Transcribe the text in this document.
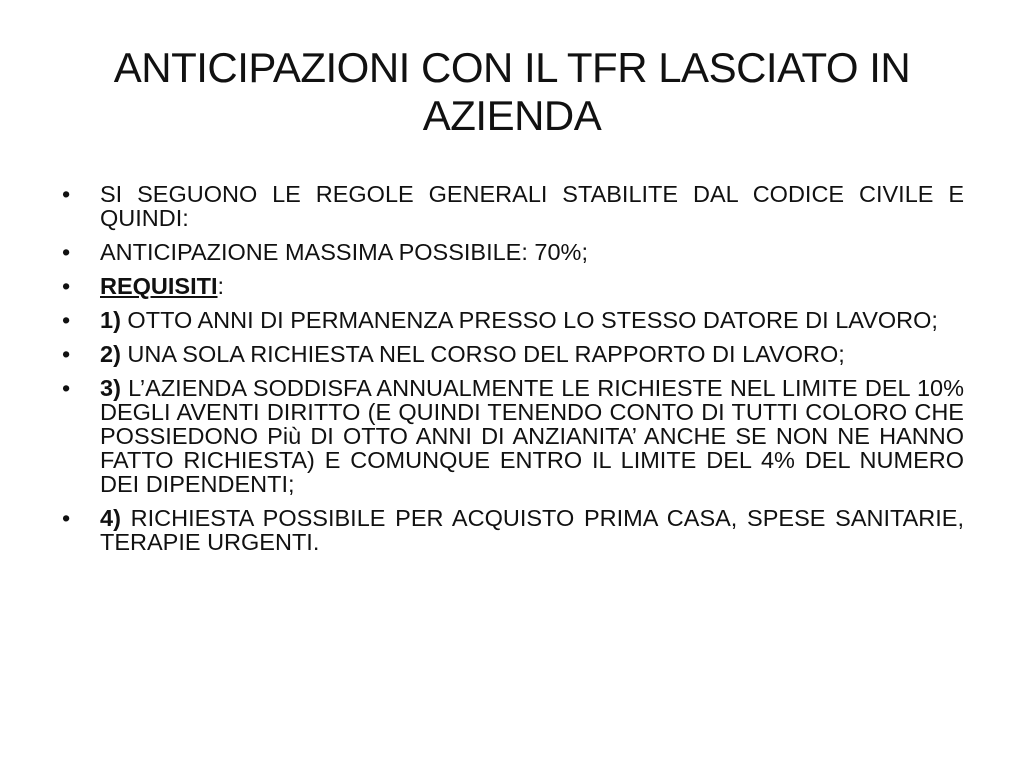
ANTICIPAZIONI CON IL TFR LASCIATO IN AZIENDA
•	SI SEGUONO LE REGOLE GENERALI STABILITE DAL CODICE CIVILE E QUINDI:
•	ANTICIPAZIONE MASSIMA POSSIBILE: 70%;
•	REQUISITI:
•	1) OTTO ANNI DI PERMANENZA PRESSO LO STESSO DATORE DI LAVORO;
•	2) UNA SOLA RICHIESTA NEL CORSO DEL RAPPORTO DI LAVORO;
•	3) L’AZIENDA SODDISFA ANNUALMENTE LE RICHIESTE NEL LIMITE DEL 10% DEGLI AVENTI DIRITTO (E QUINDI TENENDO CONTO DI TUTTI COLORO CHE POSSIEDONO Più DI OTTO ANNI DI ANZIANITA’ ANCHE SE NON NE HANNO FATTO RICHIESTA) E COMUNQUE ENTRO IL LIMITE DEL 4% DEL NUMERO DEI DIPENDENTI;
•	4) RICHIESTA POSSIBILE PER ACQUISTO PRIMA CASA, SPESE SANITARIE, TERAPIE URGENTI.
